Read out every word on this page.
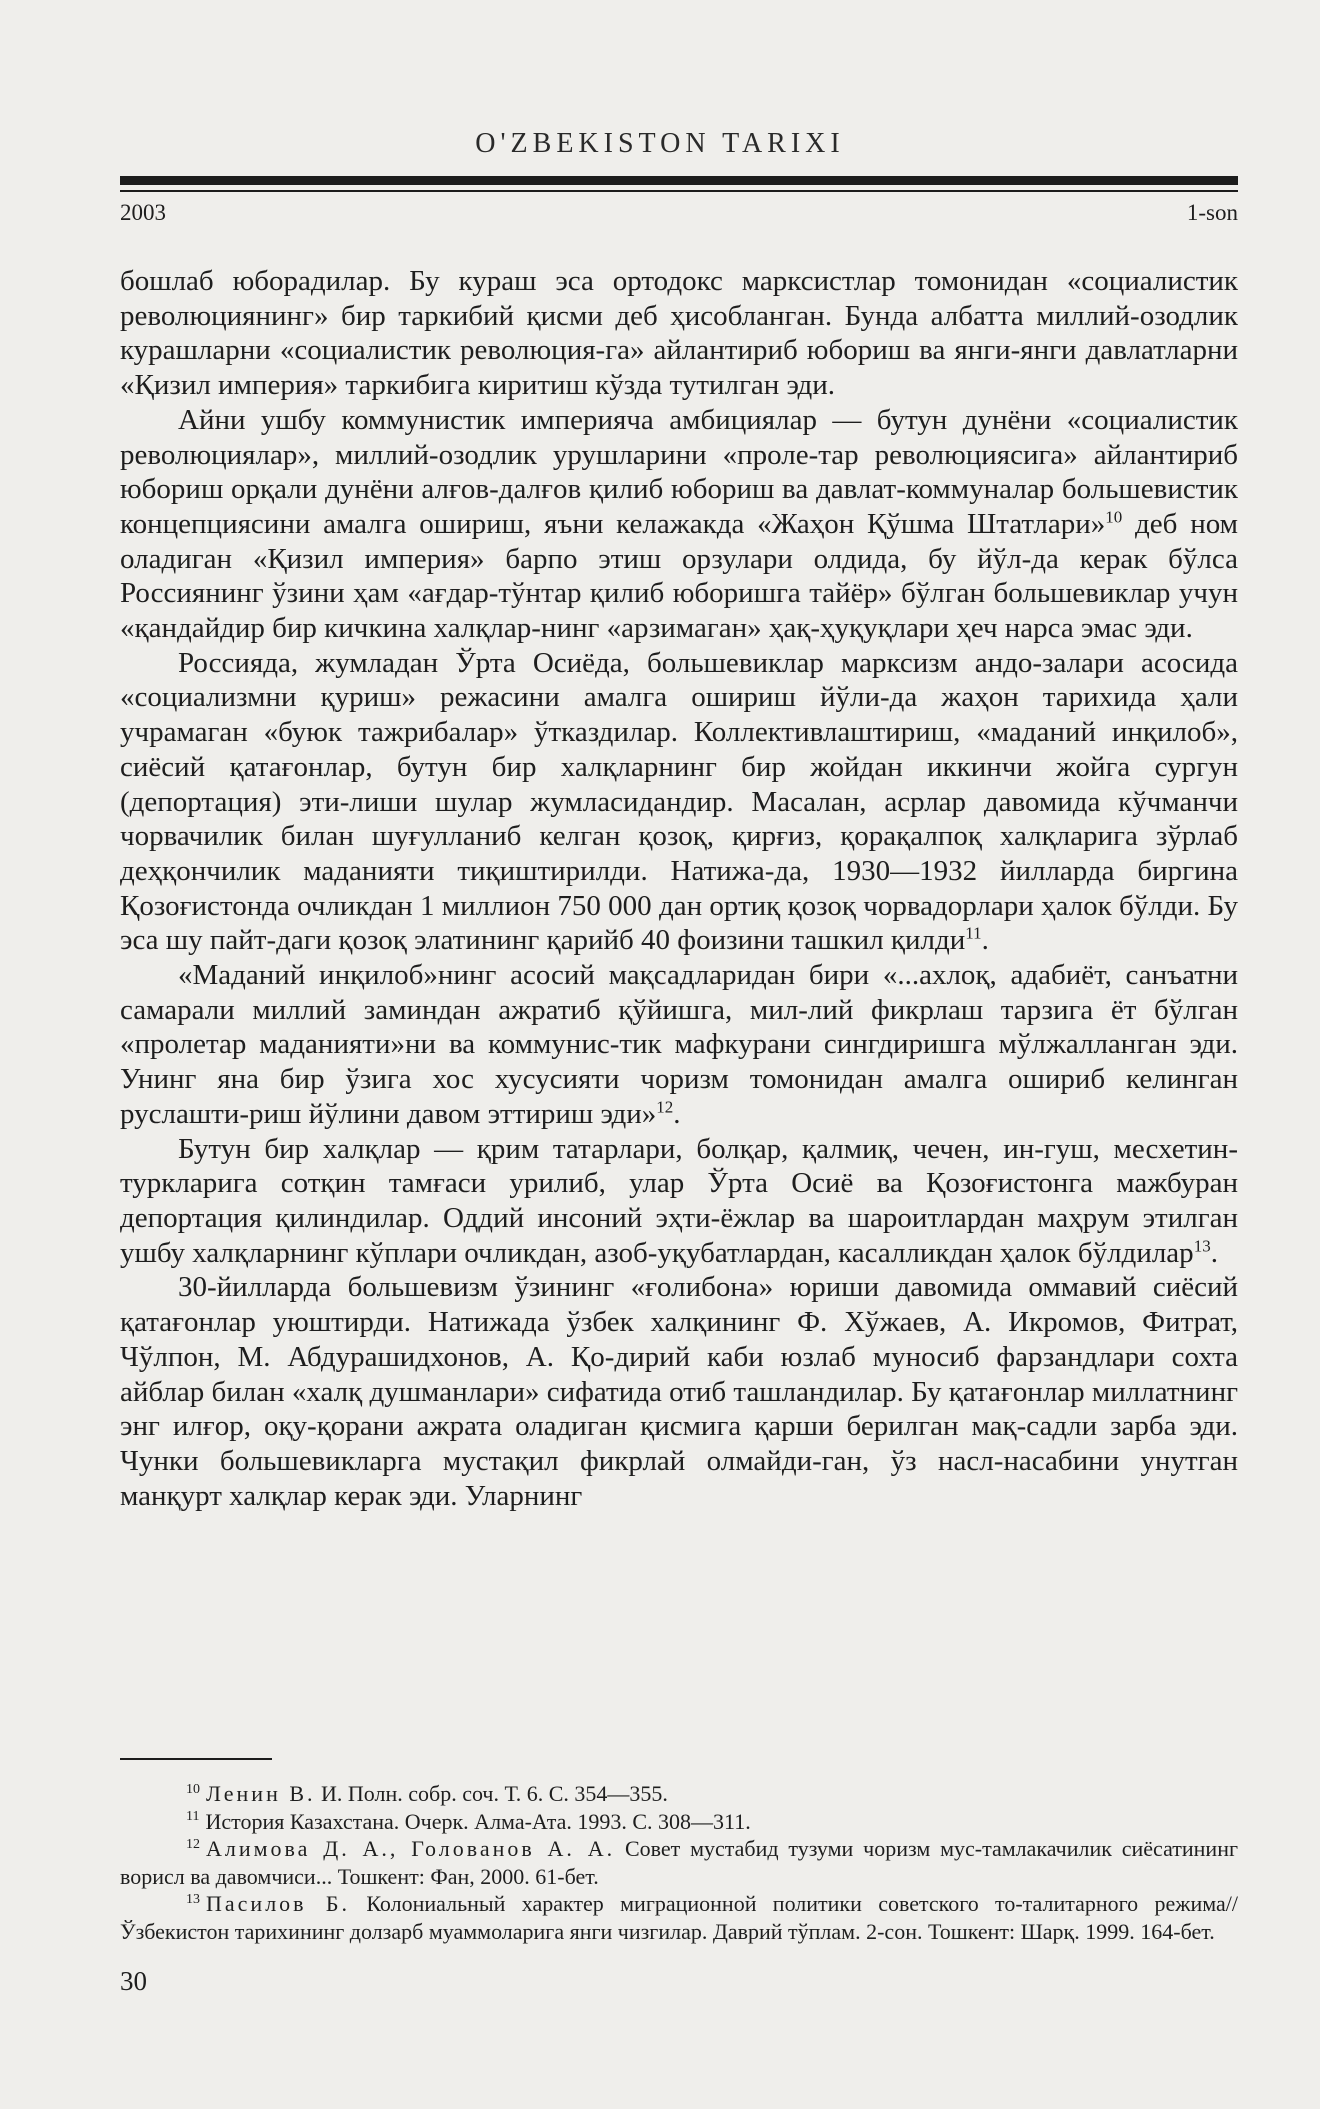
O'ZBEKISTON TARIXI
2003	1-son

бошлаб юборадилар. Бу кураш эса ортодокс марксистлар томонидан «социалистик революциянинг» бир таркибий қисми деб ҳисобланган. Бунда албатта миллий-озодлик курашларни «социалистик революция-га» айлантириб юбориш ва янги-янги давлатларни «Қизил империя» таркибига киритиш кўзда тутилган эди.

Айни ушбу коммунистик империяча амбициялар — бутун дунёни «социалистик революциялар», миллий-озодлик урушларини «проле-тар революциясига» айлантириб юбориш орқали дунёни алғов-далғов қилиб юбориш ва давлат-коммуналар большевистик концепциясини амалга ошириш, яъни келажакда «Жаҳон Қўшма Штатлари»$^{10}$ деб ном оладиган «Қизил империя» барпо этиш орзулари олдида, бу йўл-да керак бўлса Россиянинг ўзини ҳам «ағдар-тўнтар қилиб юборишга тайёр» бўлган большевиклар учун «қандайдир бир кичкина халқлар-нинг «арзимаган» ҳақ-ҳуқуқлари ҳеч нарса эмас эди.

Россияда, жумладан Ўрта Осиёда, большевиклар марксизм андо-залари асосида «социализмни қуриш» режасини амалга ошириш йўли-да жаҳон тарихида ҳали учрамаган «буюк тажрибалар» ўтказдилар. Коллективлаштириш, «маданий инқилоб», сиёсий қатағонлар, бутун бир халқларнинг бир жойдан иккинчи жойга сургун (депортация) эти-лиши шулар жумласидандир. Масалан, асрлар давомида кўчманчи чорвачилик билан шуғулланиб келган қозоқ, қирғиз, қорақалпоқ халқларига зўрлаб деҳқончилик маданияти тиқиштирилди. Натижа-да, 1930—1932 йилларда биргина Қозоғистонда очликдан 1 миллион 750 000 дан ортиқ қозоқ чорвадорлари ҳалок бўлди. Бу эса шу пайт-даги қозоқ элатининг қарийб 40 фоизини ташкил қилди$^{11}$.

«Маданий инқилоб»нинг асосий мақсадларидан бири «...ахлоқ, адабиёт, санъатни самарали миллий заминдан ажратиб қўйишга, мил-лий фикрлаш тарзига ёт бўлган «пролетар маданияти»ни ва коммунис-тик мафкурани сингдиришга мўлжалланган эди. Унинг яна бир ўзига хос хусусияти чоризм томонидан амалга ошириб келинган руслашти-риш йўлини давом эттириш эди»$^{12}$.

Бутун бир халқлар — қрим татарлари, болқар, қалмиқ, чечен, ин-гуш, месхетин-туркларига сотқин тамғаси урилиб, улар Ўрта Осиё ва Қозоғистонга мажбуран депортация қилиндилар. Оддий инсоний эҳти-ёжлар ва шароитлардан маҳрум этилган ушбу халқларнинг кўплари очликдан, азоб-уқубатлардан, касалликдан ҳалок бўлдилар$^{13}$.

30-йилларда большевизм ўзининг «ғолибона» юриши давомида оммавий сиёсий қатағонлар уюштирди. Натижада ўзбек халқининг Ф. Хўжаев, А. Икромов, Фитрат, Чўлпон, М. Абдурашидхонов, А. Қо-дирий каби юзлаб муносиб фарзандлари сохта айблар билан «халқ душманлари» сифатида отиб ташландилар. Бу қатағонлар миллатнинг энг илғор, оқу-қорани ажрата оладиган қисмига қарши берилган мақ-садли зарба эди. Чунки большевикларга мустақил фикрлай олмайди-ган, ўз насл-насабини унутган манқурт халқлар керак эди. Уларнинг

$^{10}$ Ленин В. И. Полн. собр. соч. Т. 6. С. 354—355.

$^{11}$ История Казахстана. Очерк. Алма-Ата. 1993. С. 308—311.

$^{12}$ Алимова Д. А., Голованов А. А. Совет мустабид тузуми чоризм мус-тамлакачилик сиёсатининг ворисл ва давомчиси... Тошкент: Фан, 2000. 61-бет.

$^{13}$ Пасилов Б. Колониальный характер миграционной политики советского то-талитарного режима//Ўзбекистон тарихининг долзарб муаммоларига янги чизгилар. Даврий тўплам. 2-сон. Тошкент: Шарқ. 1999. 164-бет.

30
